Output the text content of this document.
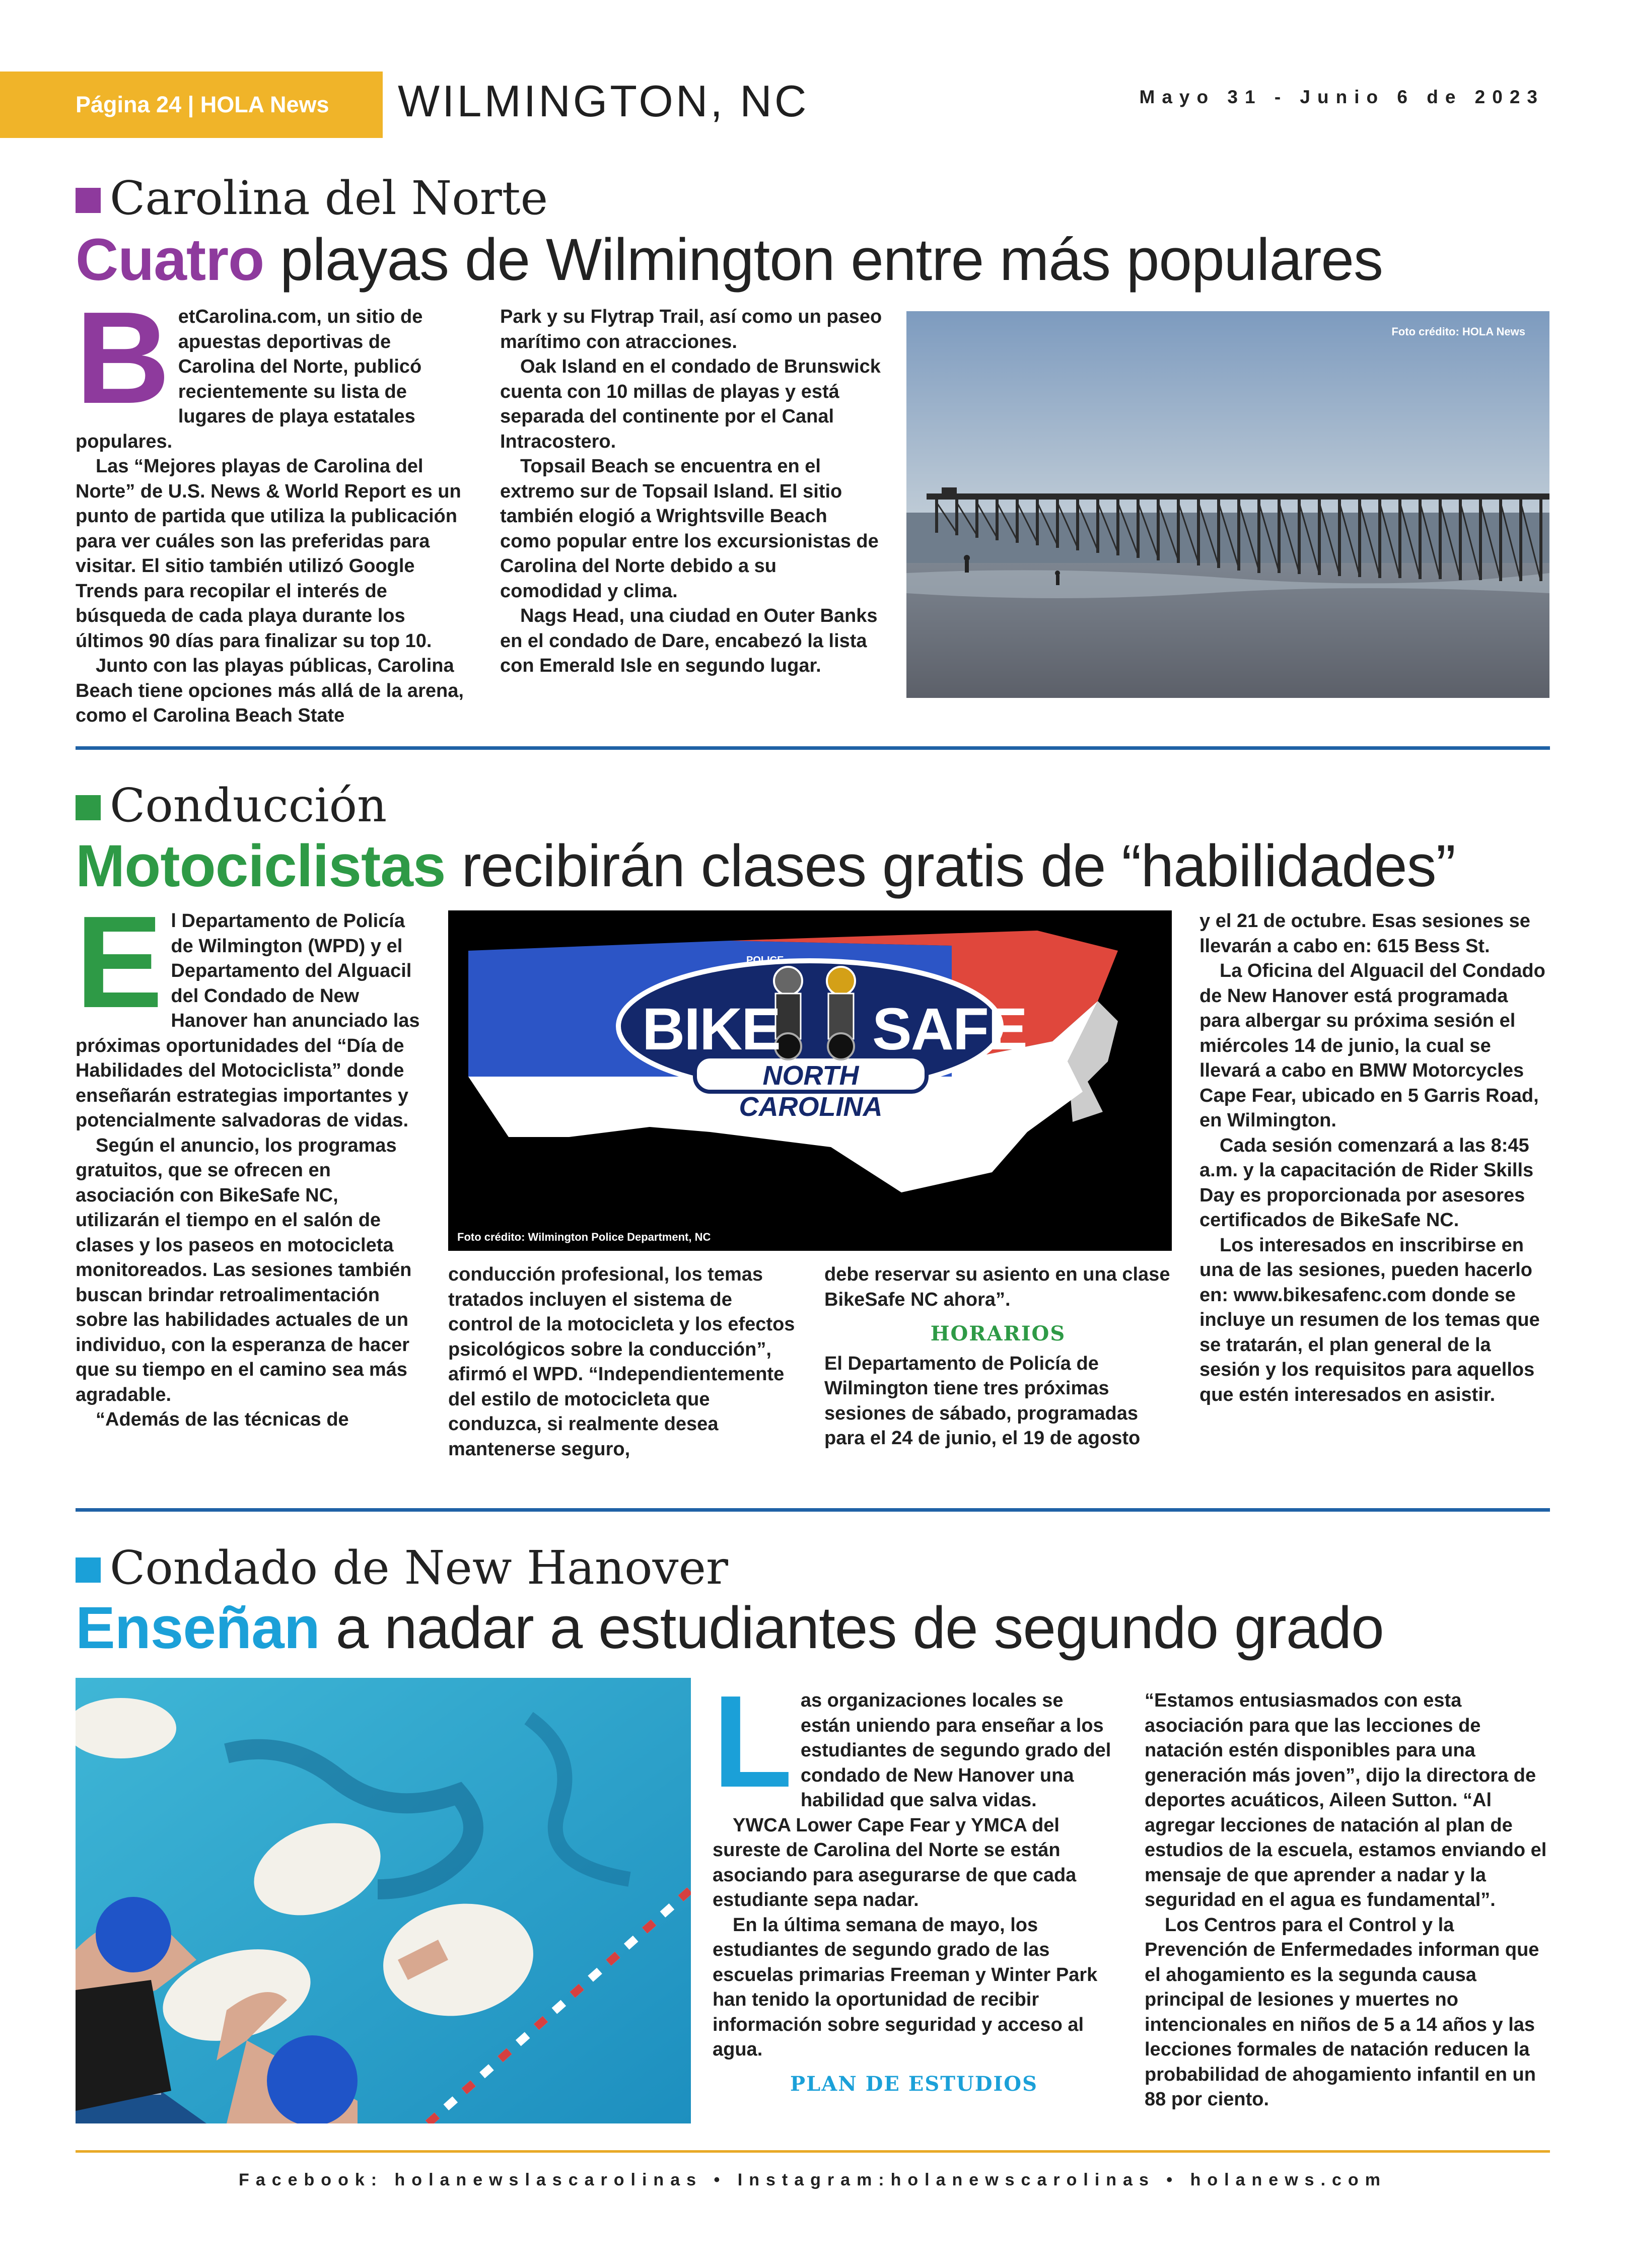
Página 24 | HOLA News WILMINGTON, NC	Mayo 31 - Junio 6 de 2023
Carolina del Norte
Cuatro playas de Wilmington entre más populares
B etCarolina.com, un sitio de apuestas deportivas de Carolina del Norte, publicó recientemente su lista de lugares de playa estatales populares.

Las “Mejores playas de Carolina del Norte” de U.S. News & World Report es un punto de partida que utiliza la publicación para ver cuáles son las preferidas para visitar. El sitio también utilizó Google Trends para recopilar el interés de búsqueda de cada playa durante los últimos 90 días para finalizar su top 10.

Junto con las playas públicas, Carolina Beach tiene opciones más allá de la arena, como el Carolina Beach State

Park y su Flytrap Trail, así como un paseo marítimo con atracciones.

Oak Island en el condado de Brunswick cuenta con 10 millas de playas y está separada del continente por el Canal Intracostero.

Topsail Beach se encuentra en el extremo sur de Topsail Island. El sitio también elogió a Wrightsville Beach como popular entre los excursionistas de Carolina del Norte debido a su comodidad y clima.

Nags Head, una ciudad en Outer Banks en el condado de Dare, encabezó la lista con Emerald Isle en segundo lugar.

Foto crédito: HOLA News
Conducción
Motociclistas recibirán clases gratis de “habilidades”
E l Departamento de Policía de Wilmington (WPD) y el Departamento del Alguacil del Condado de New Hanover han anunciado las próximas oportunidades del “Día de Habilidades del Motociclista” donde enseñarán estrategias importantes y potencialmente salvadoras de vidas.

Según el anuncio, los programas gratuitos, que se ofrecen en asociación con BikeSafe NC, utilizarán el tiempo en el salón de clases y los paseos en motocicleta monitoreados. Las sesiones también buscan brindar retroalimentación sobre las habilidades actuales de un individuo, con la esperanza de hacer que su tiempo en el camino sea más agradable.

“Además de las técnicas de

POLICE
BIKE SAFE
NORTH CAROLINA
Foto crédito: Wilmington Police Department, NC

conducción profesional, los temas tratados incluyen el sistema de control de la motocicleta y los efectos psicológicos sobre la conducción”, afirmó el WPD. “Independientemente del estilo de motocicleta que conduzca, si realmente desea mantenerse seguro,

debe reservar su asiento en una clase BikeSafe NC ahora”.

HORARIOS

El Departamento de Policía de Wilmington tiene tres próximas sesiones de sábado, programadas para el 24 de junio, el 19 de agosto

y el 21 de octubre. Esas sesiones se llevarán a cabo en: 615 Bess St.

La Oficina del Alguacil del Condado de New Hanover está programada para albergar su próxima sesión el miércoles 14 de junio, la cual se llevará a cabo en BMW Motorcycles Cape Fear, ubicado en 5 Garris Road, en Wilmington.

Cada sesión comenzará a las 8:45 a.m. y la capacitación de Rider Skills Day es proporcionada por asesores certificados de BikeSafe NC.

Los interesados en inscribirse en una de las sesiones, pueden hacerlo en: www.bikesafenc.com donde se incluye un resumen de los temas que se tratarán, el plan general de la sesión y los requisitos para aquellos que estén interesados en asistir.

Condado de New Hanover
Enseñan a nadar a estudiantes de segundo grado
L as organizaciones locales se están uniendo para enseñar a los estudiantes de segundo grado del condado de New Hanover una habilidad que salva vidas.

YWCA Lower Cape Fear y YMCA del sureste de Carolina del Norte se están asociando para asegurarse de que cada estudiante sepa nadar.

En la última semana de mayo, los estudiantes de segundo grado de las escuelas primarias Freeman y Winter Park han tenido la oportunidad de recibir información sobre seguridad y acceso al agua.

PLAN DE ESTUDIOS

“Estamos entusiasmados con esta asociación para que las lecciones de natación estén disponibles para una generación más joven”, dijo la directora de deportes acuáticos, Aileen Sutton. “Al agregar lecciones de natación al plan de estudios de la escuela, estamos enviando el mensaje de que aprender a nadar y la seguridad en el agua es fundamental”.

Los Centros para el Control y la Prevención de Enfermedades informan que el ahogamiento es la segunda causa principal de lesiones y muertes no intencionales en niños de 5 a 14 años y las lecciones formales de natación reducen la probabilidad de ahogamiento infantil en un 88 por ciento.

Facebook: holanewslascarolinas • Instagram:holanewscarolinas • holanews.com
